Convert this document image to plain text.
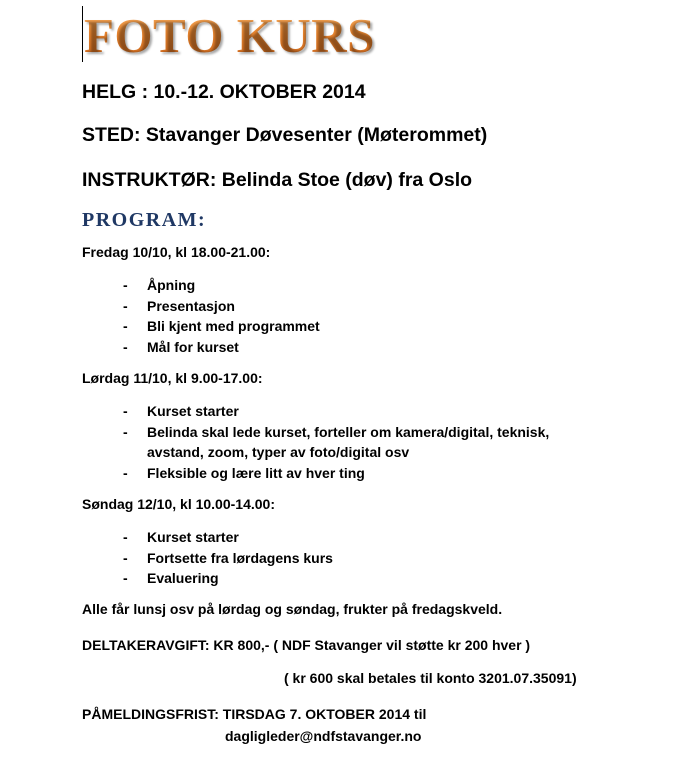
FOTO KURS

HELG : 10.-12. OKTOBER 2014

STED: Stavanger Døvesenter (Møterommet)

INSTRUKTØR: Belinda Stoe (døv) fra Oslo

PROGRAM:

Fredag 10/10, kl 18.00-21.00:

- Åpning
- Presentasjon
- Bli kjent med programmet
- Mål for kurset

Lørdag 11/10, kl 9.00-17.00:

- Kurset starter
- Belinda skal lede kurset, forteller om kamera/digital, teknisk,
avstand, zoom, typer av foto/digital osv
- Fleksible og lære litt av hver ting

Søndag 12/10, kl 10.00-14.00:

- Kurset starter
- Fortsette fra lørdagens kurs
- Evaluering

Alle får lunsj osv på lørdag og søndag, frukter på fredagskveld.

DELTAKERAVGIFT: KR 800,- ( NDF Stavanger vil støtte kr 200 hver )

( kr 600 skal betales til konto 3201.07.35091)

PÅMELDINGSFRIST: TIRSDAG 7. OKTOBER 2014 til

dagligleder@ndfstavanger.no
